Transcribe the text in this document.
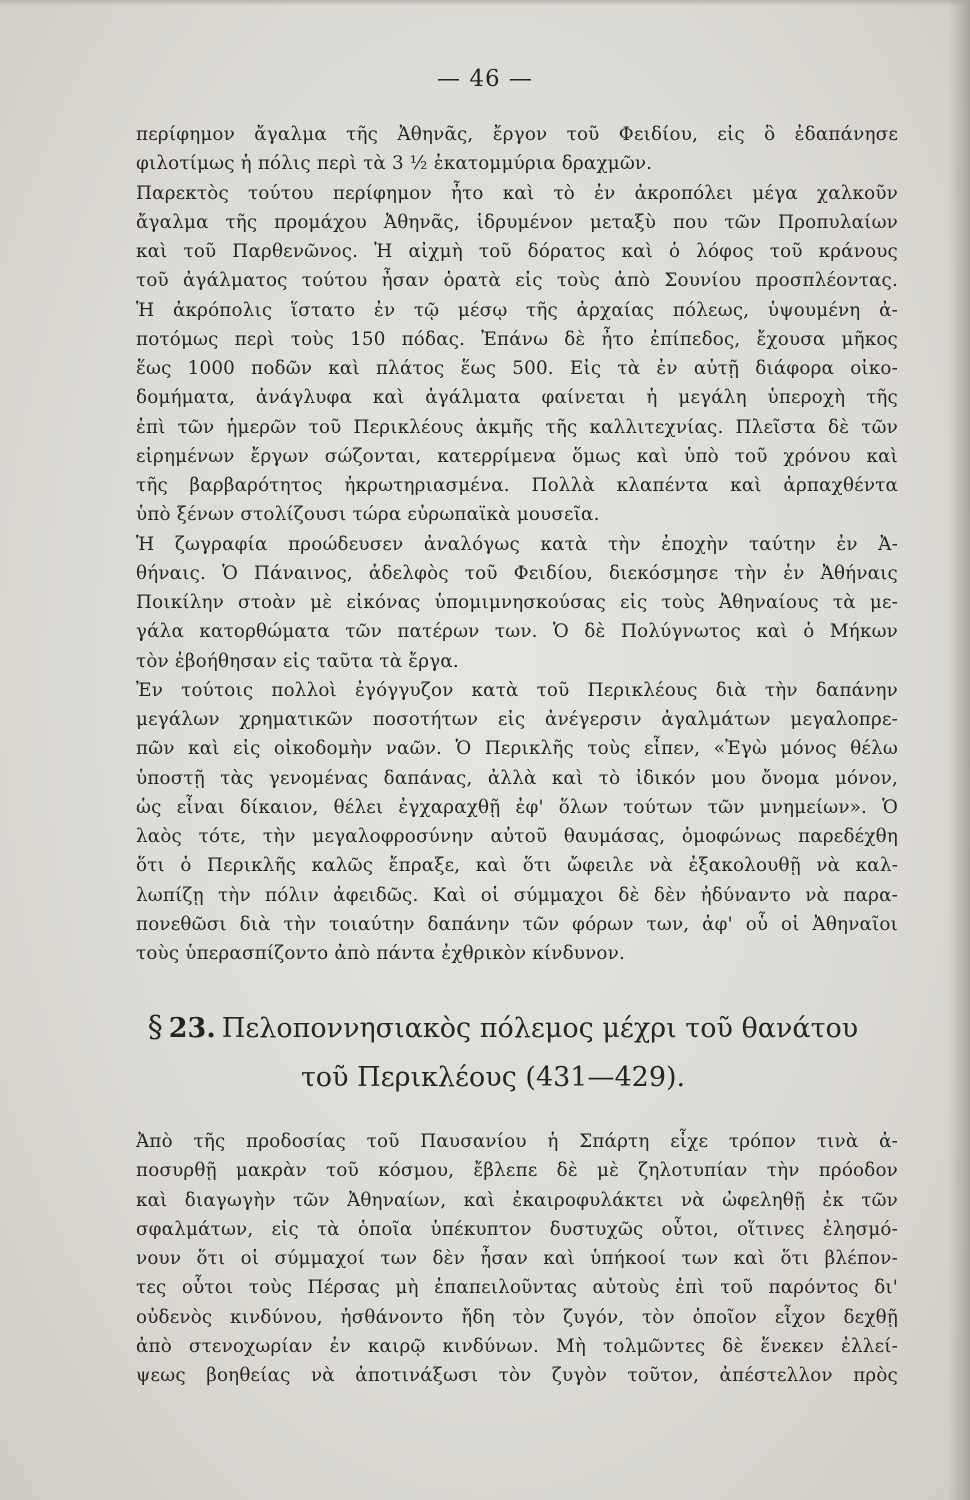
— 46 —
περίφημον ἄγαλμα τῆς Ἀθηνᾶς, ἔργον τοῦ Φειδίου, εἰς ὃ ἐδαπάνησε
φιλοτίμως ἡ πόλις περὶ τὰ 3 ½ ἑκατομμύρια δραχμῶν.
Παρεκτὸς τούτου περίφημον ἦτο καὶ τὸ ἐν ἀκροπόλει μέγα χαλκοῦν
ἄγαλμα τῆς προμάχου Ἀθηνᾶς, ἱδρυμένον μεταξὺ που τῶν Προπυλαίων
καὶ τοῦ Παρθενῶνος. Ἡ αἰχμὴ τοῦ δόρατος καὶ ὁ λόφος τοῦ κράνους
τοῦ ἀγάλματος τούτου ἦσαν ὁρατὰ εἰς τοὺς ἀπὸ Σουνίου προσπλέοντας.
Ἡ ἀκρόπολις ἵστατο ἐν τῷ μέσῳ τῆς ἀρχαίας πόλεως, ὑψουμένη ἀ-
ποτόμως περὶ τοὺς 150 πόδας. Ἐπάνω δὲ ἦτο ἐπίπεδος, ἔχουσα μῆκος
ἕως 1000 ποδῶν καὶ πλάτος ἕως 500. Εἰς τὰ ἐν αὐτῇ διάφορα οἰκο-
δομήματα, ἀνάγλυφα καὶ ἀγάλματα φαίνεται ἡ μεγάλη ὑπεροχὴ τῆς
ἐπὶ τῶν ἡμερῶν τοῦ Περικλέους ἀκμῆς τῆς καλλιτεχνίας. Πλεῖστα δὲ τῶν
εἰρημένων ἔργων σώζονται, κατερρίμενα ὅμως καὶ ὑπὸ τοῦ χρόνου καὶ
τῆς βαρβαρότητος ἠκρωτηριασμένα. Πολλὰ κλαπέντα καὶ ἁρπαχθέντα
ὑπὸ ξένων στολίζουσι τώρα εὐρωπαϊκὰ μουσεῖα.
Ἡ ζωγραφία προώδευσεν ἀναλόγως κατὰ τὴν ἐποχὴν ταύτην ἐν Ἀ-
θήναις. Ὁ Πάναινος, ἀδελφὸς τοῦ Φειδίου, διεκόσμησε τὴν ἐν Ἀθήναις
Ποικίλην στοὰν μὲ εἰκόνας ὑπομιμνησκούσας εἰς τοὺς Ἀθηναίους τὰ με-
γάλα κατορθώματα τῶν πατέρων των. Ὁ δὲ Πολύγνωτος καὶ ὁ Μήκων
τὸν ἐβοήθησαν εἰς ταῦτα τὰ ἔργα.
Ἐν τούτοις πολλοὶ ἐγόγγυζον κατὰ τοῦ Περικλέους διὰ τὴν δαπάνην
μεγάλων χρηματικῶν ποσοτήτων εἰς ἀνέγερσιν ἀγαλμάτων μεγαλοπρε-
πῶν καὶ εἰς οἰκοδομὴν ναῶν. Ὁ Περικλῆς τοὺς εἶπεν, «Ἐγὼ μόνος θέλω
ὑποστῇ τὰς γενομένας δαπάνας, ἀλλὰ καὶ τὸ ἰδικόν μου ὄνομα μόνον,
ὡς εἶναι δίκαιον, θέλει ἐγχαραχθῇ ἐφ' ὅλων τούτων τῶν μνημείων». Ὁ
λαὸς τότε, τὴν μεγαλοφροσύνην αὐτοῦ θαυμάσας, ὁμοφώνως παρεδέχθη
ὅτι ὁ Περικλῆς καλῶς ἔπραξε, καὶ ὅτι ὤφειλε νὰ ἐξακολουθῇ νὰ καλ-
λωπίζῃ τὴν πόλιν ἀφειδῶς. Καὶ οἱ σύμμαχοι δὲ δὲν ἠδύναντο νὰ παρα-
πονεθῶσι διὰ τὴν τοιαύτην δαπάνην τῶν φόρων των, ἀφ' οὗ οἱ Ἀθηναῖοι
τοὺς ὑπερασπίζοντο ἀπὸ πάντα ἐχθρικὸν κίνδυνον.
§ 23. Πελοποννησιακὸς πόλεμος μέχρι τοῦ θανάτου
τοῦ Περικλέους (431—429).
Ἀπὸ τῆς προδοσίας τοῦ Παυσανίου ἡ Σπάρτη εἶχε τρόπον τινὰ ἀ-
ποσυρθῇ μακρὰν τοῦ κόσμου, ἔβλεπε δὲ μὲ ζηλοτυπίαν τὴν πρόοδον
καὶ διαγωγὴν τῶν Ἀθηναίων, καὶ ἐκαιροφυλάκτει νὰ ὠφεληθῇ ἐκ τῶν
σφαλμάτων, εἰς τὰ ὁποῖα ὑπέκυπτον δυστυχῶς οὗτοι, οἵτινες ἐλησμό-
νουν ὅτι οἱ σύμμαχοί των δὲν ἦσαν καὶ ὑπήκοοί των καὶ ὅτι βλέπον-
τες οὗτοι τοὺς Πέρσας μὴ ἐπαπειλοῦντας αὐτοὺς ἐπὶ τοῦ παρόντος δι'
οὐδενὸς κινδύνου, ἠσθάνοντο ἤδη τὸν ζυγόν, τὸν ὁποῖον εἶχον δεχθῇ
ἀπὸ στενοχωρίαν ἐν καιρῷ κινδύνων. Μὴ τολμῶντες δὲ ἕνεκεν ἐλλεί-
ψεως βοηθείας νὰ ἀποτινάξωσι τὸν ζυγὸν τοῦτον, ἀπέστελλον πρὸς
